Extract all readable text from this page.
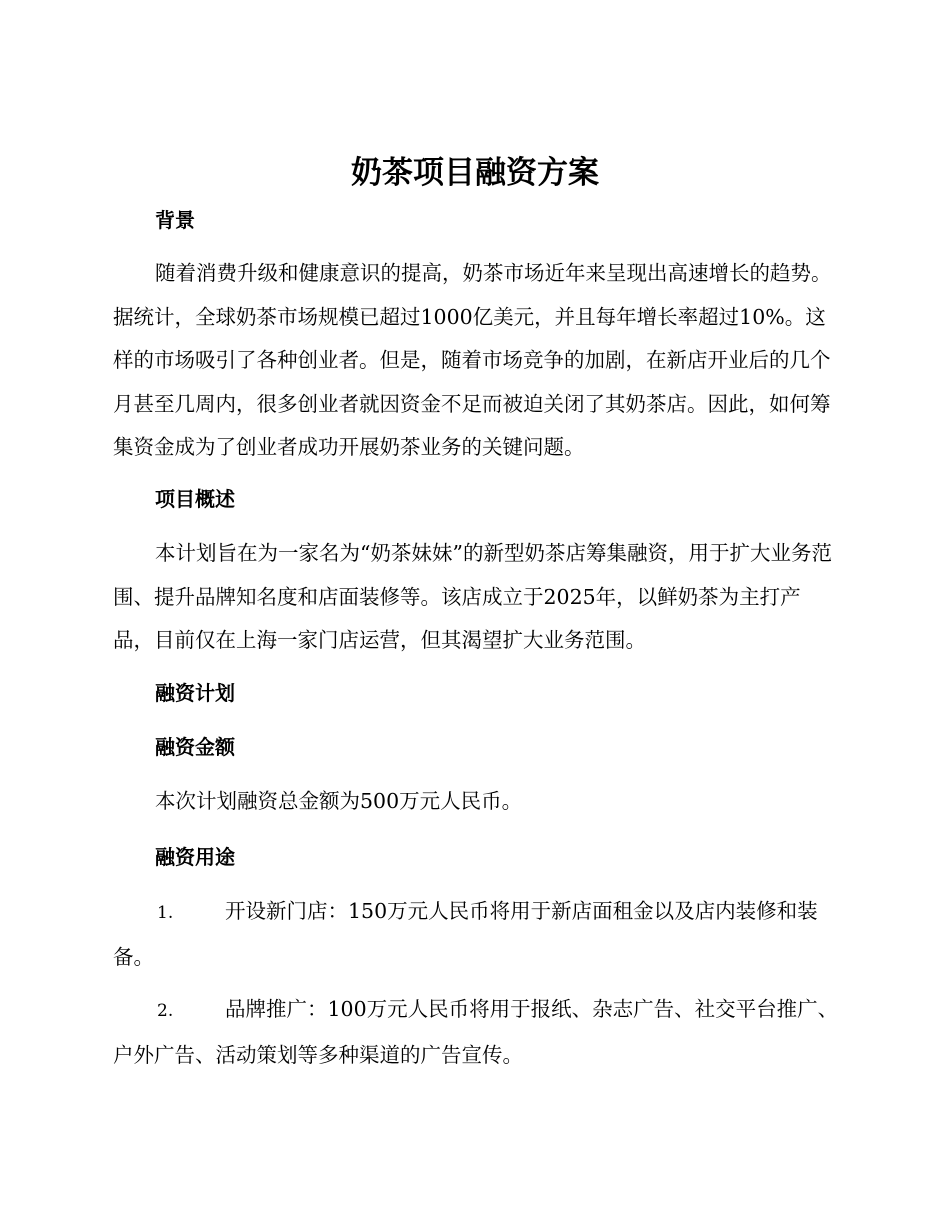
奶茶项目融资方案
背景

随着消费升级和健康意识的提高，奶茶市场近年来呈现出高速增长的趋势。据统计，全球奶茶市场规模已超过1000亿美元，并且每年增长率超过10%。这样的市场吸引了各种创业者。但是，随着市场竞争的加剧，在新店开业后的几个月甚至几周内，很多创业者就因资金不足而被迫关闭了其奶茶店。因此，如何筹集资金成为了创业者成功开展奶茶业务的关键问题。

项目概述

本计划旨在为一家名为“奶茶妹妹”的新型奶茶店筹集融资，用于扩大业务范围、提升品牌知名度和店面装修等。该店成立于2025年，以鲜奶茶为主打产品，目前仅在上海一家门店运营，但其渴望扩大业务范围。

融资计划
融资金额

本次计划融资总金额为500万元人民币。

融资用途

1.	开设新门店：150万元人民币将用于新店面租金以及店内装修和装备。

2.	品牌推广：100万元人民币将用于报纸、杂志广告、社交平台推广、户外广告、活动策划等多种渠道的广告宣传。
